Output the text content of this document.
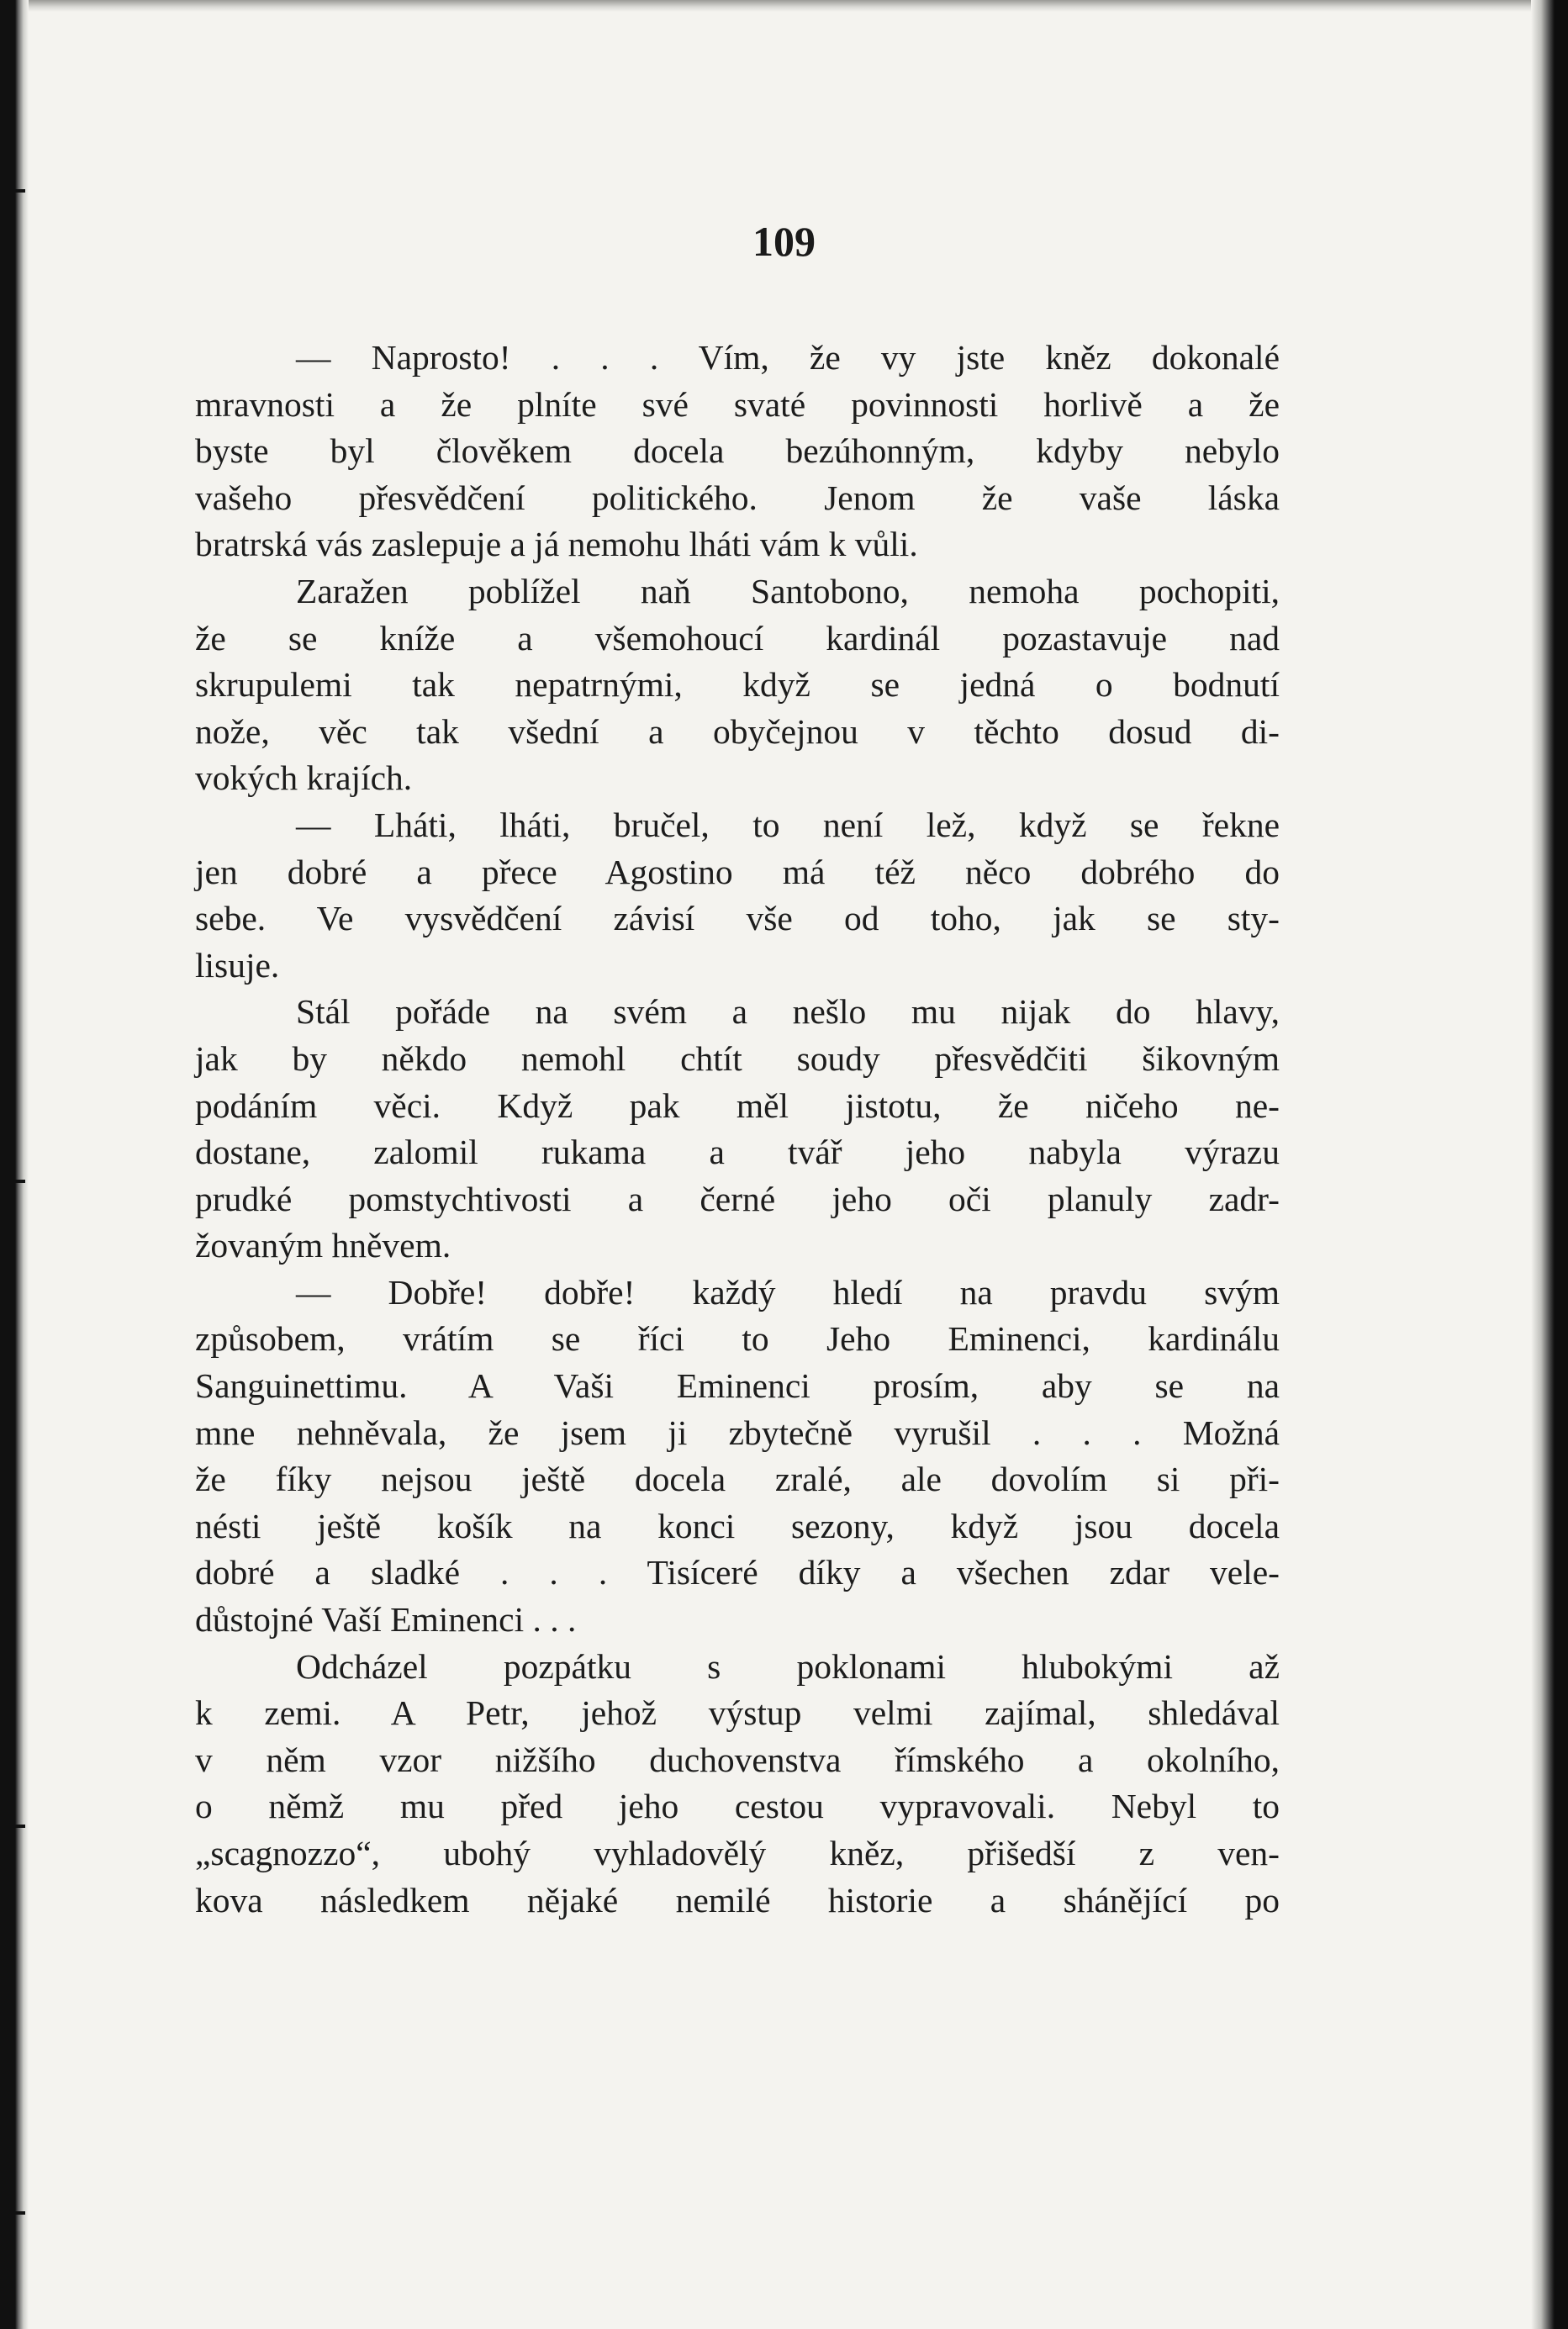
109
— Naprosto! . . . Vím, že vy jste kněz dokonalé
mravnosti a že plníte své svaté povinnosti horlivě a že
byste byl člověkem docela bezúhonným, kdyby nebylo
vašeho přesvědčení politického. Jenom že vaše láska
bratrská vás zaslepuje a já nemohu lháti vám k vůli.
Zaražen poblížel naň Santobono, nemoha pochopiti,
že se kníže a všemohoucí kardinál pozastavuje nad
skrupulemi tak nepatrnými, když se jedná o bodnutí
nože, věc tak všední a obyčejnou v těchto dosud di-
vokých krajích.
— Lháti, lháti, bručel, to není lež, když se řekne
jen dobré a přece Agostino má též něco dobrého do
sebe. Ve vysvědčení závisí vše od toho, jak se sty-
lisuje.
Stál pořáde na svém a nešlo mu nijak do hlavy,
jak by někdo nemohl chtít soudy přesvědčiti šikovným
podáním věci. Když pak měl jistotu, že ničeho ne-
dostane, zalomil rukama a tvář jeho nabyla výrazu
prudké pomstychtivosti a černé jeho oči planuly zadr-
žovaným hněvem.
— Dobře! dobře! každý hledí na pravdu svým
způsobem, vrátím se říci to Jeho Eminenci, kardinálu
Sanguinettimu. A Vaši Eminenci prosím, aby se na
mne nehněvala, že jsem ji zbytečně vyrušil . . . Možná
že fíky nejsou ještě docela zralé, ale dovolím si při-
nésti ještě košík na konci sezony, když jsou docela
dobré a sladké . . . Tisíceré díky a všechen zdar vele-
důstojné Vaší Eminenci . . .
Odcházel pozpátku s poklonami hlubokými až
k zemi. A Petr, jehož výstup velmi zajímal, shledával
v něm vzor nižšího duchovenstva římského a okolního,
o němž mu před jeho cestou vypravovali. Nebyl to
„scagnozzo“, ubohý vyhladovělý kněz, přišedší z ven-
kova následkem nějaké nemilé historie a shánějící po
